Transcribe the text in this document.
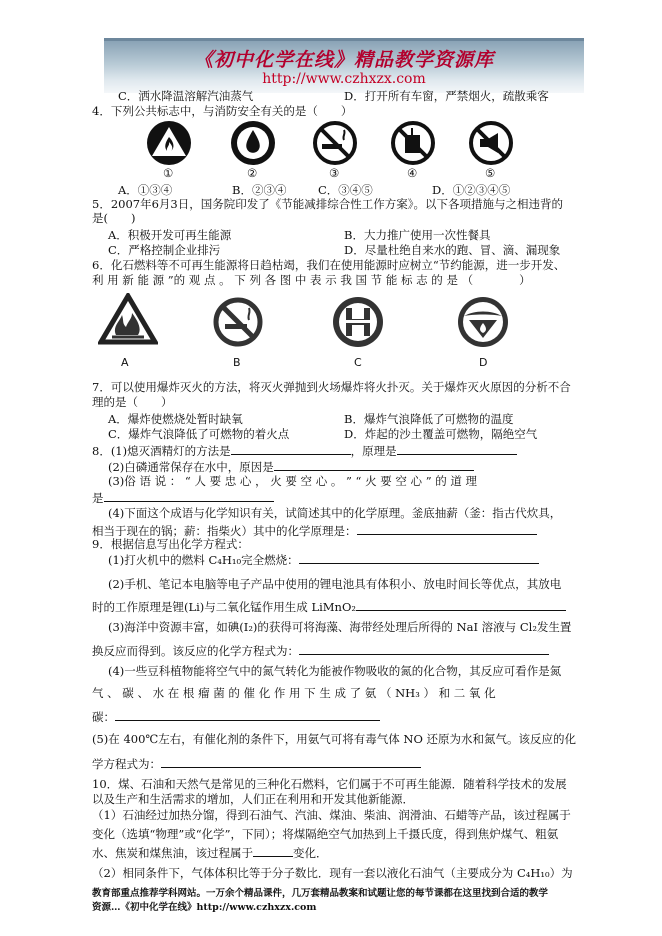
《初中化学在线》精品教学资源库
http://www.czhxzx.com
C．洒水降温溶解汽油蒸气	D．打开所有车窗，严禁烟火，疏散乘客
4．下列公共标志中，与消防安全有关的是（　　）
①	②	③	④	⑤
A．①③④	B．②③④	C．③④⑤	D．①②③④⑤
5．2007年6月3日，国务院印发了《节能减排综合性工作方案》。以下各项措施与之相违背的
是(　　)
A．积极开发可再生能源	B．大力推广使用一次性餐具
C．严格控制企业排污	D．尽量杜绝自来水的跑、冒、滴、漏现象
6．化石燃料等不可再生能源将日趋枯竭，我们在使用能源时应树立“节约能源，进一步开发、
利 用 新 能 源 ”的 观 点 。 下 列 各 图 中 表 示 我 国 节 能 标 志 的 是 （　　　　）
A	B	C	D
7．可以使用爆炸灭火的方法，将灭火弹抛到火场爆炸将火扑灭。关于爆炸灭火原因的分析不合
理的是（　　）
A．爆炸使燃烧处暂时缺氧	B．爆炸气浪降低了可燃物的温度
C．爆炸气浪降低了可燃物的着火点	D．炸起的沙土覆盖可燃物，隔绝空气
8．(1)熄灭酒精灯的方法是	，原理是
(2)白磷通常保存在水中，原因是
(3)俗 语 说 ： “ 人 要 忠 心 ， 火 要 空 心 。 ” “ 火 要 空 心 ” 的 道 理
是
(4)下面这个成语与化学知识有关，试简述其中的化学原理。釜底抽薪（釜：指古代炊具，
相当于现在的锅；薪：指柴火）其中的化学原理是：
9．根据信息写出化学方程式：
(1)打火机中的燃料 C₄H₁₀完全燃烧：
(2)手机、笔记本电脑等电子产品中使用的锂电池具有体积小、放电时间长等优点，其放电
时的工作原理是锂(Li)与二氧化锰作用生成 LiMnO₂
(3)海洋中资源丰富，如碘(I₂)的获得可将海藻、海带经处理后所得的 NaI 溶液与 Cl₂发生置
换反应而得到。该反应的化学方程式为：
(4)一些豆科植物能将空气中的氮气转化为能被作物吸收的氮的化合物，其反应可看作是氮
气 、 碳 、 水 在 根 瘤 菌 的 催 化 作 用 下 生 成 了 氨 （ NH₃ ） 和 二 氧 化
碳：
(5)在 400℃左右，有催化剂的条件下，用氨气可将有毒气体 NO 还原为水和氮气。该反应的化
学方程式为：
10．煤、石油和天然气是常见的三种化石燃料，它们属于不可再生能源．随着科学技术的发展
以及生产和生活需求的增加，人们正在利用和开发其他新能源．
（1）石油经过加热分馏，得到石油气、汽油、煤油、柴油、润滑油、石蜡等产品，该过程属于变化（选填“物理”或“化学”，下同）；将煤隔绝空气加热到上千摄氏度，得到焦炉煤气、粗氨水、焦炭和煤焦油，该过程属于	变化．
（2）相同条件下，气体体积比等于分子数比．现有一套以液化石油气（主要成分为 C₄H₁₀）为
教育部重点推荐学科网站。一万余个精品课件，几万套精品教案和试题让您的每节课都在这里找到合适的教学
资源…《初中化学在线》http://www.czhxzx.com
